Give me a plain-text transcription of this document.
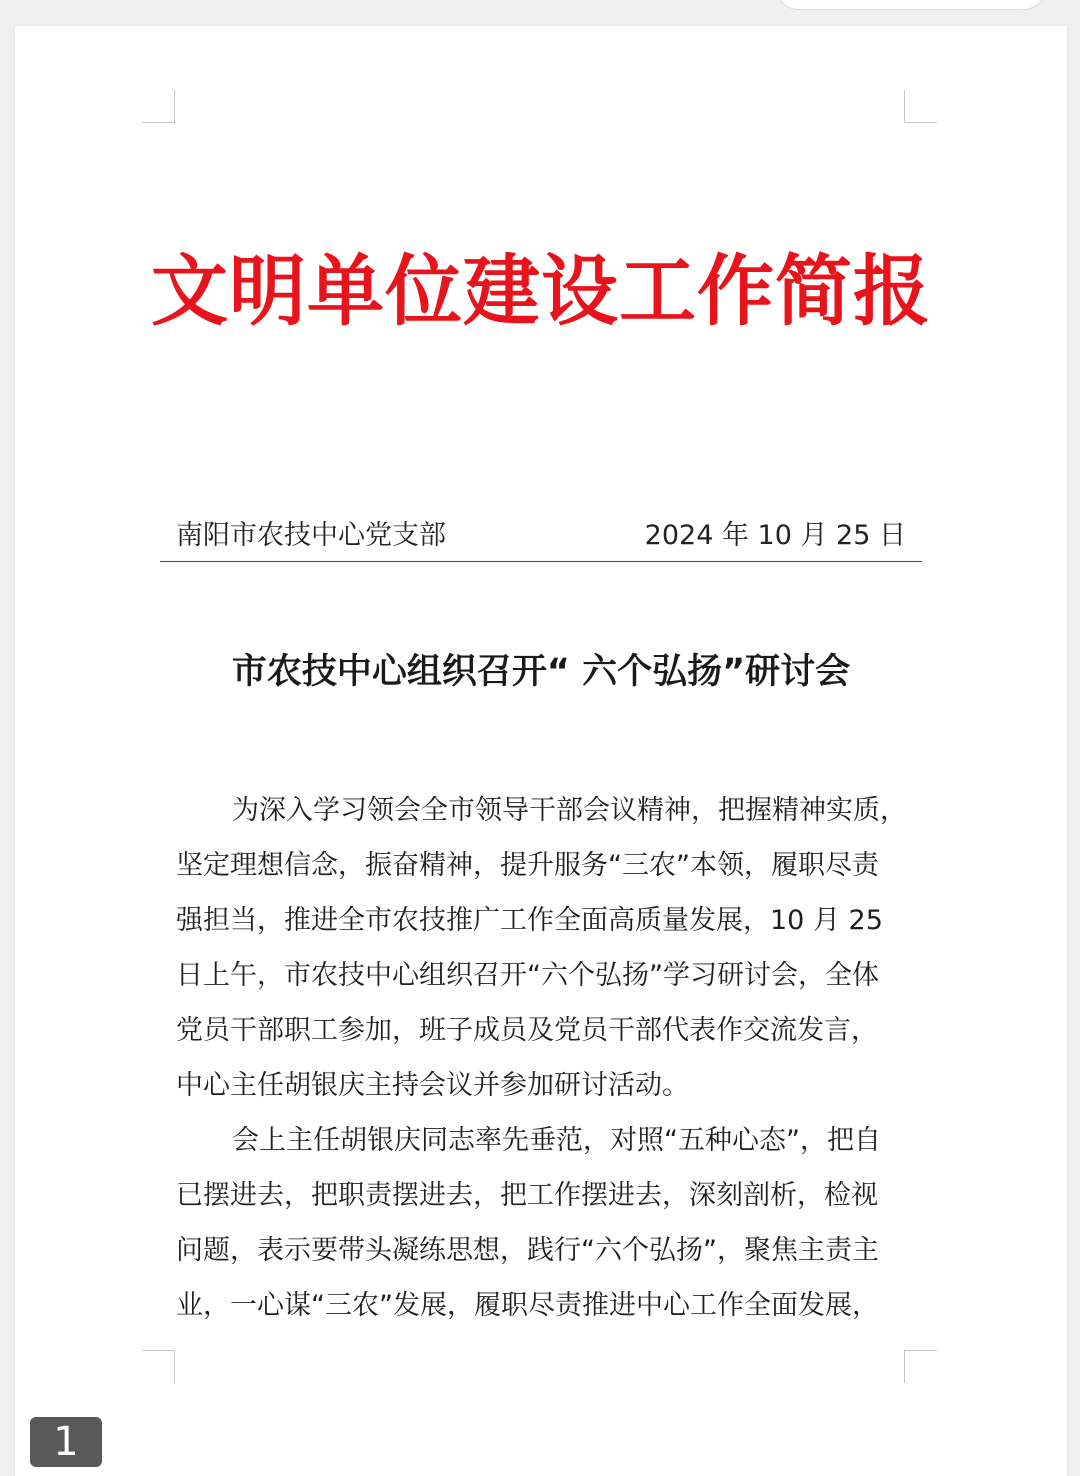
文明单位建设工作简报
南阳市农技中心党支部	2024 年 10 月 25 日
市农技中心组织召开“ 六个弘扬”研讨会
为深入学习领会全市领导干部会议精神，把握精神实质，
坚定理想信念，振奋精神，提升服务“三农”本领，履职尽责
强担当，推进全市农技推广工作全面高质量发展，10 月 25
日上午，市农技中心组织召开“六个弘扬”学习研讨会，全体
党员干部职工参加，班子成员及党员干部代表作交流发言，
中心主任胡银庆主持会议并参加研讨活动。
会上主任胡银庆同志率先垂范，对照“五种心态”，把自
已摆进去，把职责摆进去，把工作摆进去，深刻剖析，检视
问题，表示要带头凝练思想，践行“六个弘扬”，聚焦主责主
业，一心谋“三农”发展，履职尽责推进中心工作全面发展，
1
